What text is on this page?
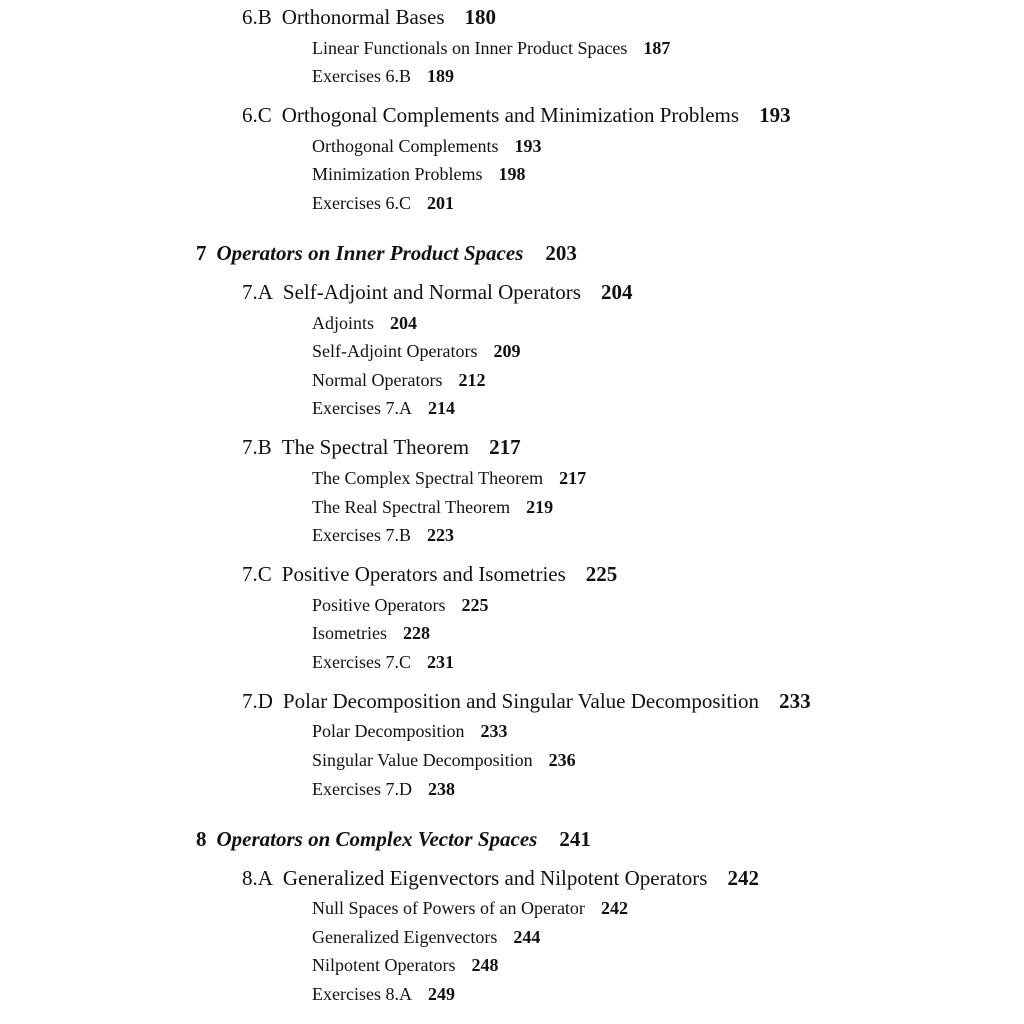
6.B Orthonormal Bases 180
Linear Functionals on Inner Product Spaces 187
Exercises 6.B 189
6.C Orthogonal Complements and Minimization Problems 193
Orthogonal Complements 193
Minimization Problems 198
Exercises 6.C 201
7 Operators on Inner Product Spaces 203
7.A Self-Adjoint and Normal Operators 204
Adjoints 204
Self-Adjoint Operators 209
Normal Operators 212
Exercises 7.A 214
7.B The Spectral Theorem 217
The Complex Spectral Theorem 217
The Real Spectral Theorem 219
Exercises 7.B 223
7.C Positive Operators and Isometries 225
Positive Operators 225
Isometries 228
Exercises 7.C 231
7.D Polar Decomposition and Singular Value Decomposition 233
Polar Decomposition 233
Singular Value Decomposition 236
Exercises 7.D 238
8 Operators on Complex Vector Spaces 241
8.A Generalized Eigenvectors and Nilpotent Operators 242
Null Spaces of Powers of an Operator 242
Generalized Eigenvectors 244
Nilpotent Operators 248
Exercises 8.A 249
